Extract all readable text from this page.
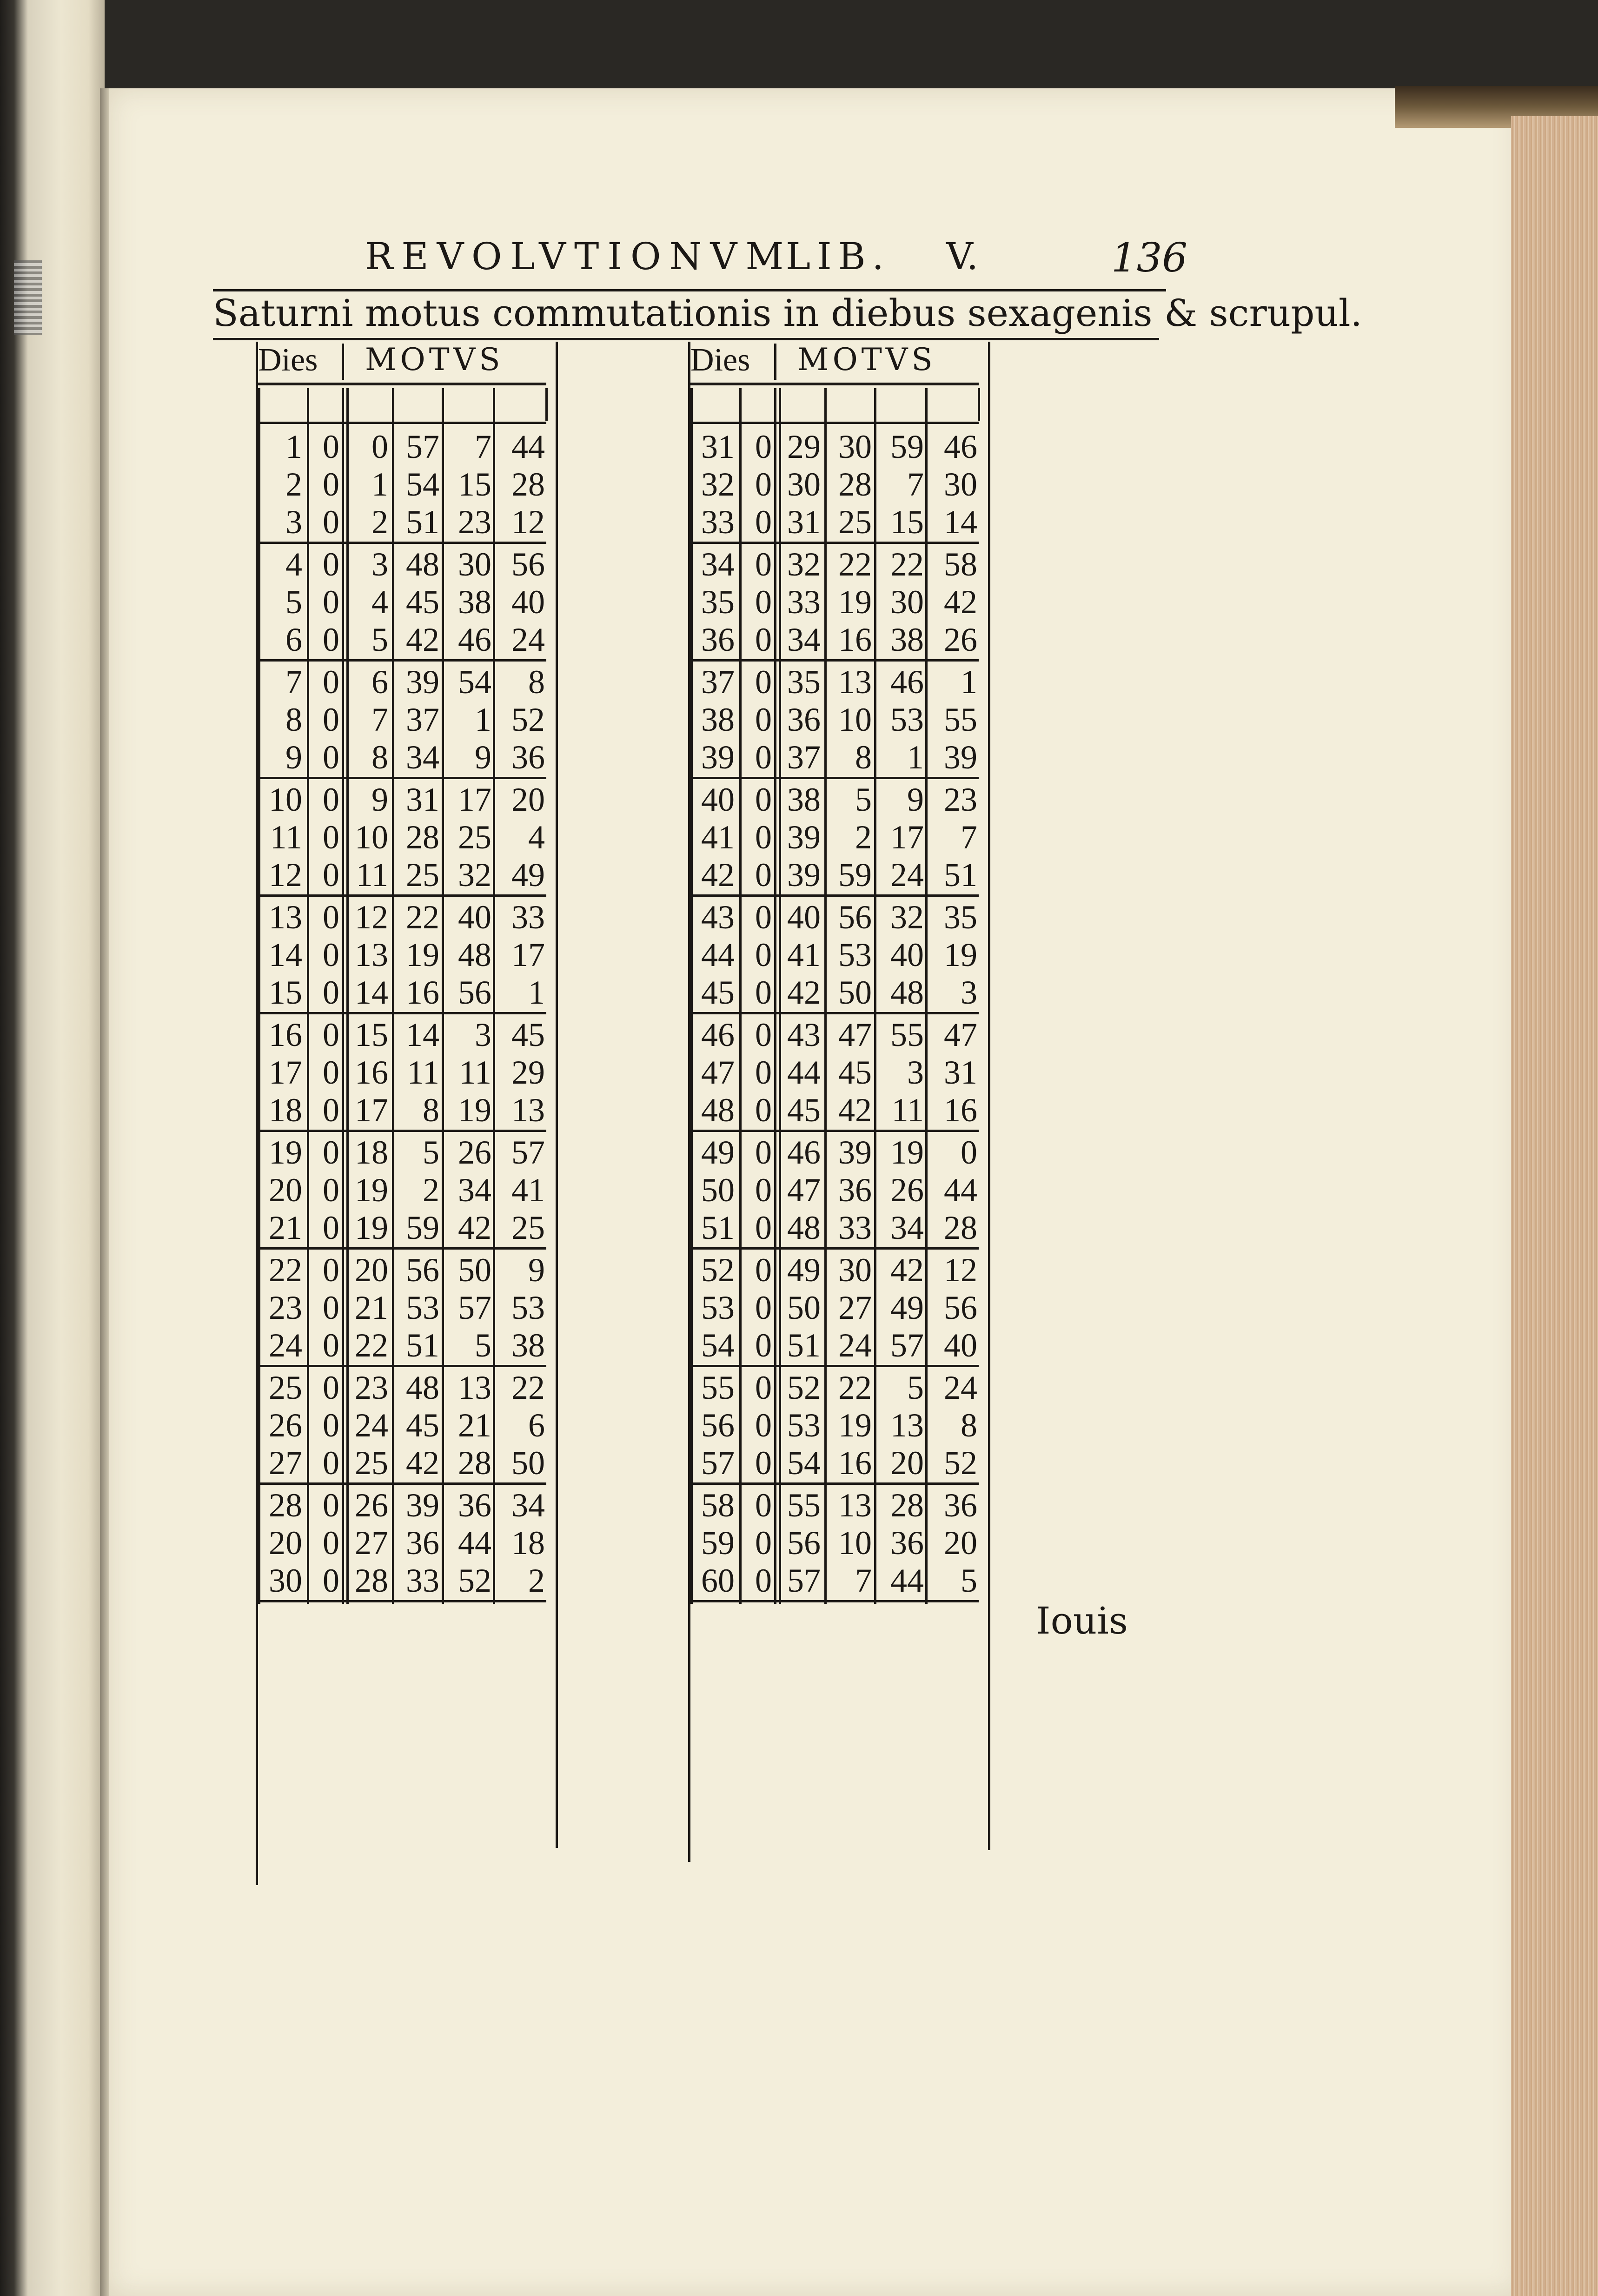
REVOLVTIONVM
LIB. V.	136
Saturni motus commutationis in diebus sexagenis & scrupul.
Dies MOTVS
1 0 0 57	7 44
2 0 1 54 15 28
3 0 2 51 23 12
4 0 3 48 30 56
5 0 4 45 38 40
6 0 5 42 46 24
7 0 6 39 54	8
8 0 7 37	1 52
9 0 8 34	9 36
10 0 9 31 17 20
11 0 10 28 25	4
12 0 11 25 32 49
13 0 12 22 40 33
14 0 13 19 48 17
15 0 14 16 56	1
16 0 15 14	3 45
17 0 16 11 11 29
18 0 17	8 19 13
19 0 18	5 26 57
20 0 19	2 34 41
21 0 19 59 42 25
22 0 20 56 50	9
23 0 21 53 57 53
24 0 22 51	5 38
25 0 23 48 13 22
26 0 24 45 21	6
27 0 25 42 28 50
28 0 26 39 36 34
20 0 27 36 44 18
30 0 28 33 52	2
Dies MOTVS
31 0 29 30 59 46
32 0 30 28	7 30
33 0 31 25 15 14
34 0 32 22 22 58
35 0 33 19 30 42
36 0 34 16 38 26
37 0 35 13 46	1
38 0 36 10 53 55
39 0 37	8	1 39
40 0 38	5	9 23
41 0 39	2 17	7
42 0 39 59 24 51
43 0 40 56 32 35
44 0 41 53 40 19
45 0 42 50 48	3
46 0 43 47 55 47
47 0 44 45	3 31
48 0 45 42 11 16
49 0 46 39 19	0
50 0 47 36 26 44
51 0 48 33 34 28
52 0 49 30 42 12
53 0 50 27 49 56
54 0 51 24 57 40
55 0 52 22	5 24
56 0 53 19 13	8
57 0 54 16 20 52
58 0 55 13 28 36
59 0 56 10 36 20
60 0 57	7 44	5
Iouis
